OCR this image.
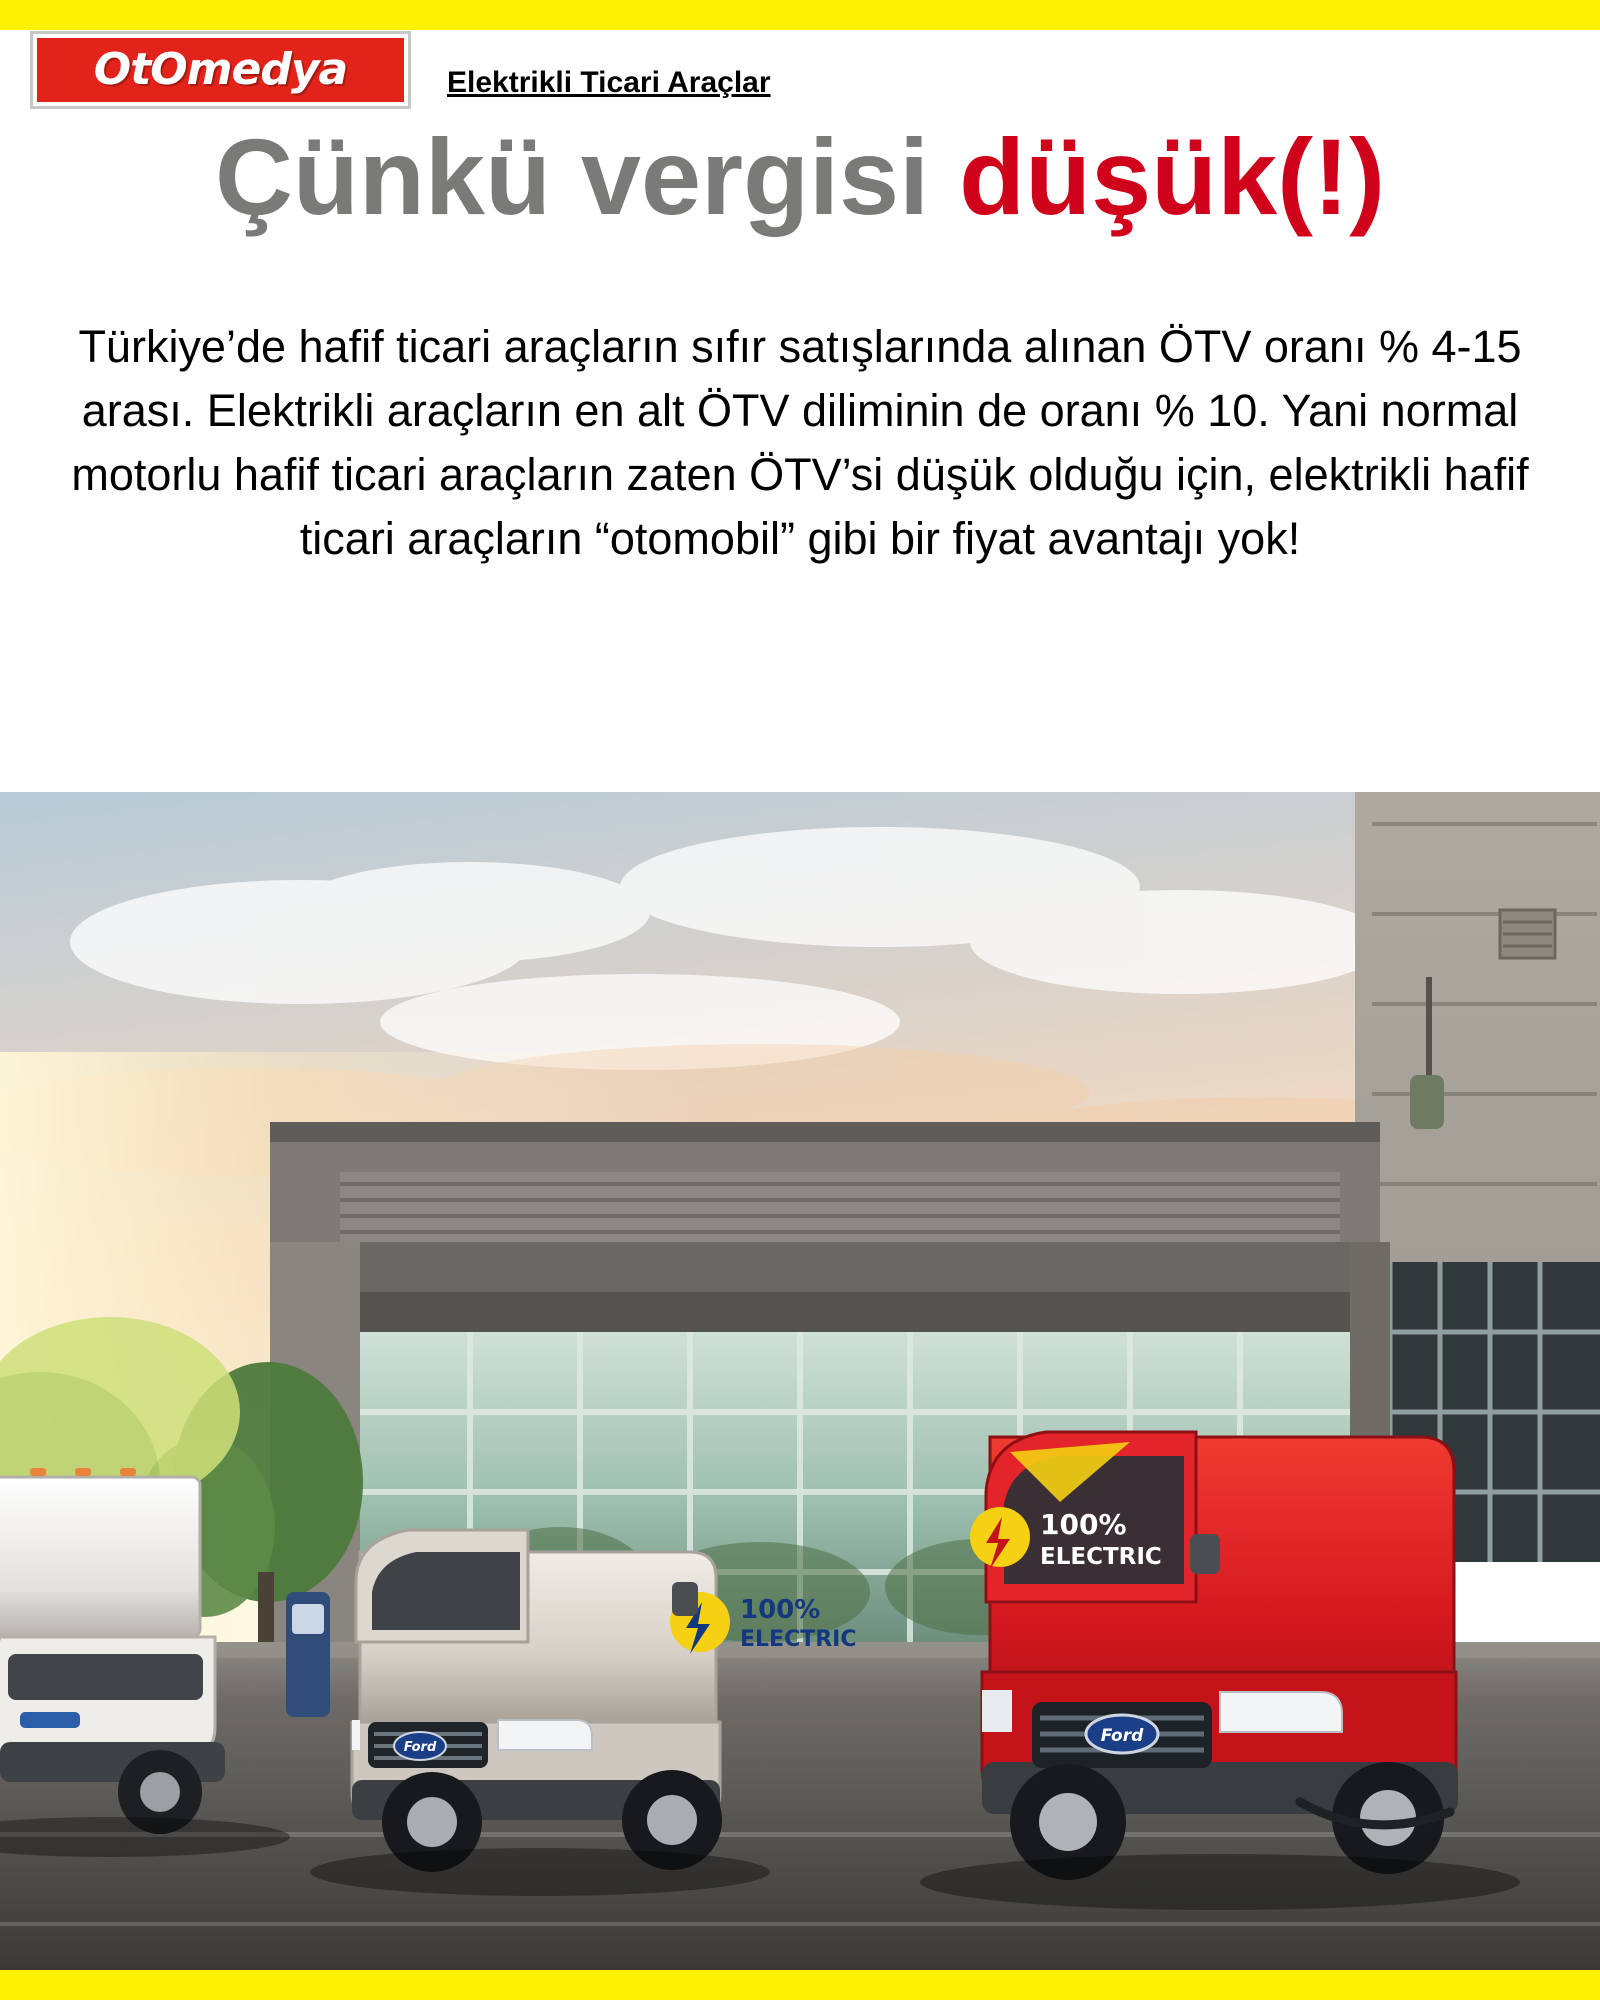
OtOmedya	Elektrikli Ticari Araçlar
Çünkü vergisi düşük(!)
Türkiye’de hafif ticari araçların sıfır satışlarında alınan ÖTV oranı % 4-15 arası. Elektrikli araçların en alt ÖTV diliminin de oranı % 10. Yani normal motorlu hafif ticari araçların zaten ÖTV’si düşük olduğu için, elektrikli hafif ticari araçların “otomobil” gibi bir fiyat avantajı yok!
Ford
100%
ELECTRIC
Ford
100%
ELECTRIC
